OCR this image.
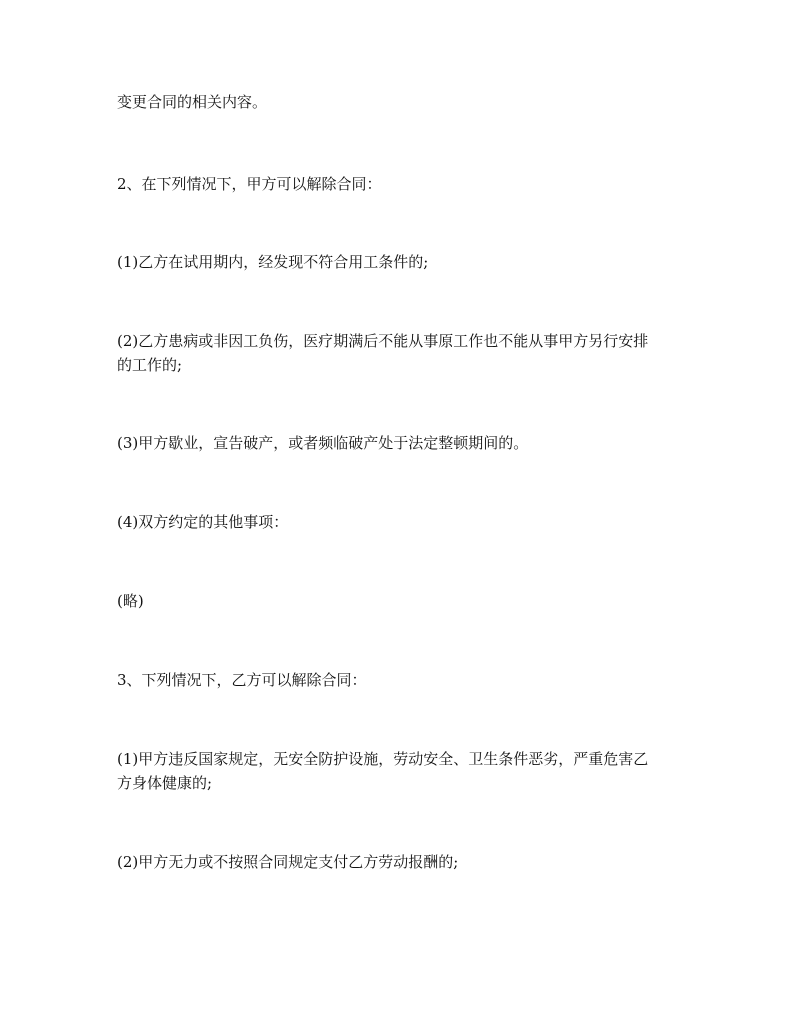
变更合同的相关内容。

2、在下列情况下，甲方可以解除合同：

(1)乙方在试用期内，经发现不符合用工条件的;

(2)乙方患病或非因工负伤，医疗期满后不能从事原工作也不能从事甲方另行安排

的工作的;

(3)甲方歇业，宣告破产，或者频临破产处于法定整顿期间的。

(4)双方约定的其他事项：

(略)

3、下列情况下，乙方可以解除合同：

(1)甲方违反国家规定，无安全防护设施，劳动安全、卫生条件恶劣，严重危害乙

方身体健康的;

(2)甲方无力或不按照合同规定支付乙方劳动报酬的;
